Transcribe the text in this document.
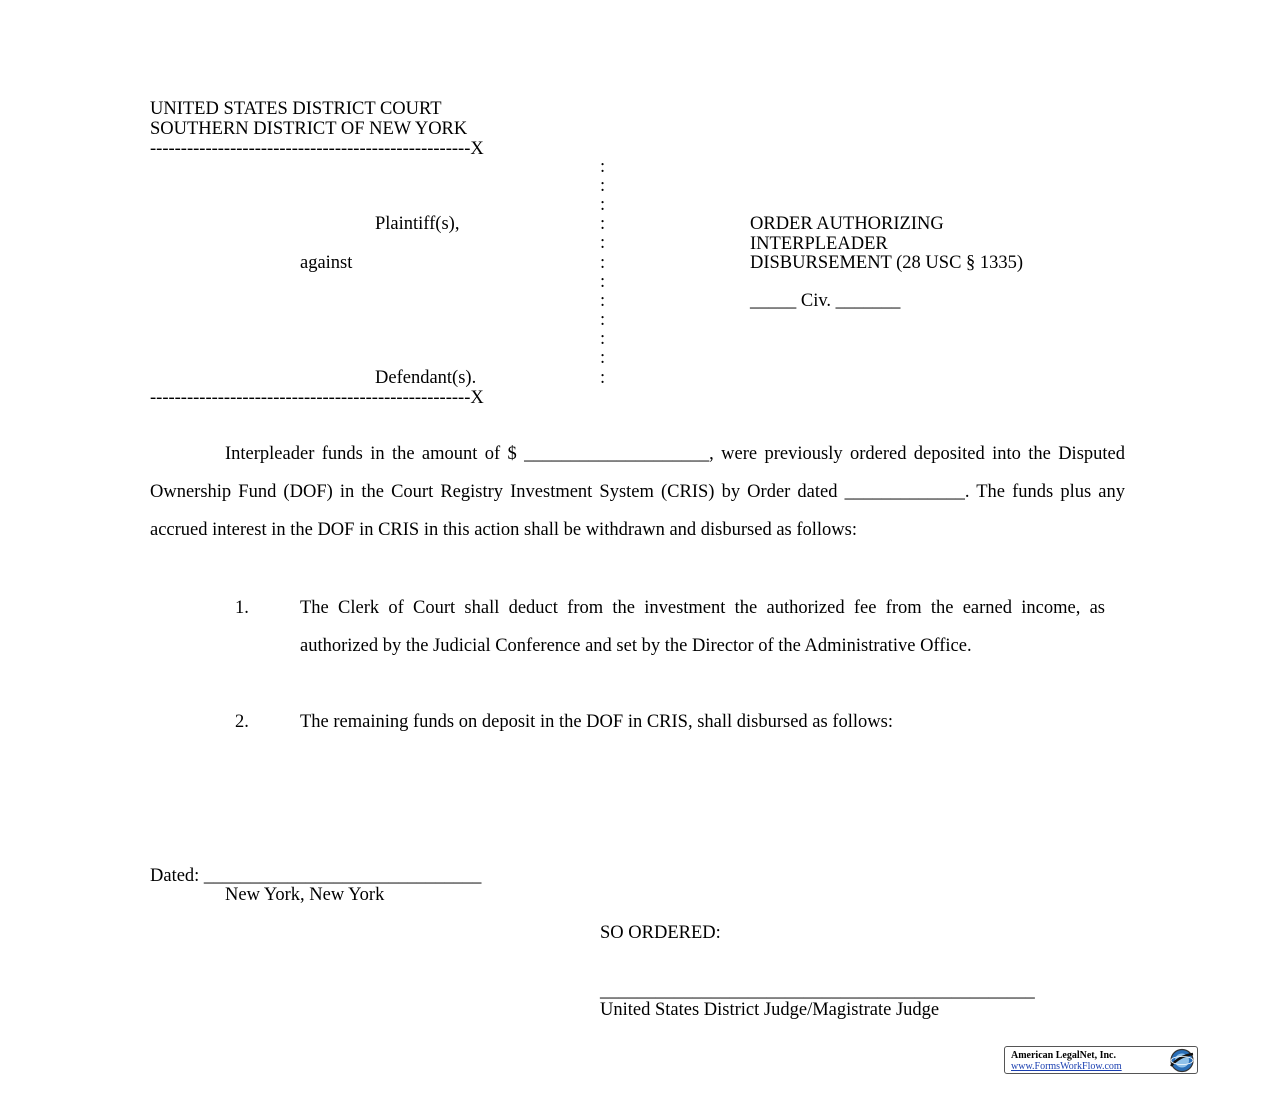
UNITED STATES DISTRICT COURT
SOUTHERN DISTRICT OF NEW YORK
----------------------------------------------------X
:
:
:
:
:
:
:
:
:
:
:
:
Plaintiff(s),
against
Defendant(s).
----------------------------------------------------X
ORDER AUTHORIZING
INTERPLEADER
DISBURSEMENT (28 USC § 1335)
_____ Civ. _______
Interpleader funds in the amount of $ ____________________, were previously ordered deposited into the Disputed Ownership Fund (DOF) in the Court Registry Investment System (CRIS) by Order dated _____________. The funds plus any accrued interest in the DOF in CRIS in this action shall be withdrawn and disbursed as follows:
1.	The Clerk of Court shall deduct from the investment the authorized fee from the earned income, as authorized by the Judicial Conference and set by the Director of the Administrative Office.
2.	The remaining funds on deposit in the DOF in CRIS, shall disbursed as follows:
Dated: ______________________________
New York, New York
SO ORDERED:
_______________________________________________
United States District Judge/Magistrate Judge
American LegalNet, Inc.
www.FormsWorkFlow.com
